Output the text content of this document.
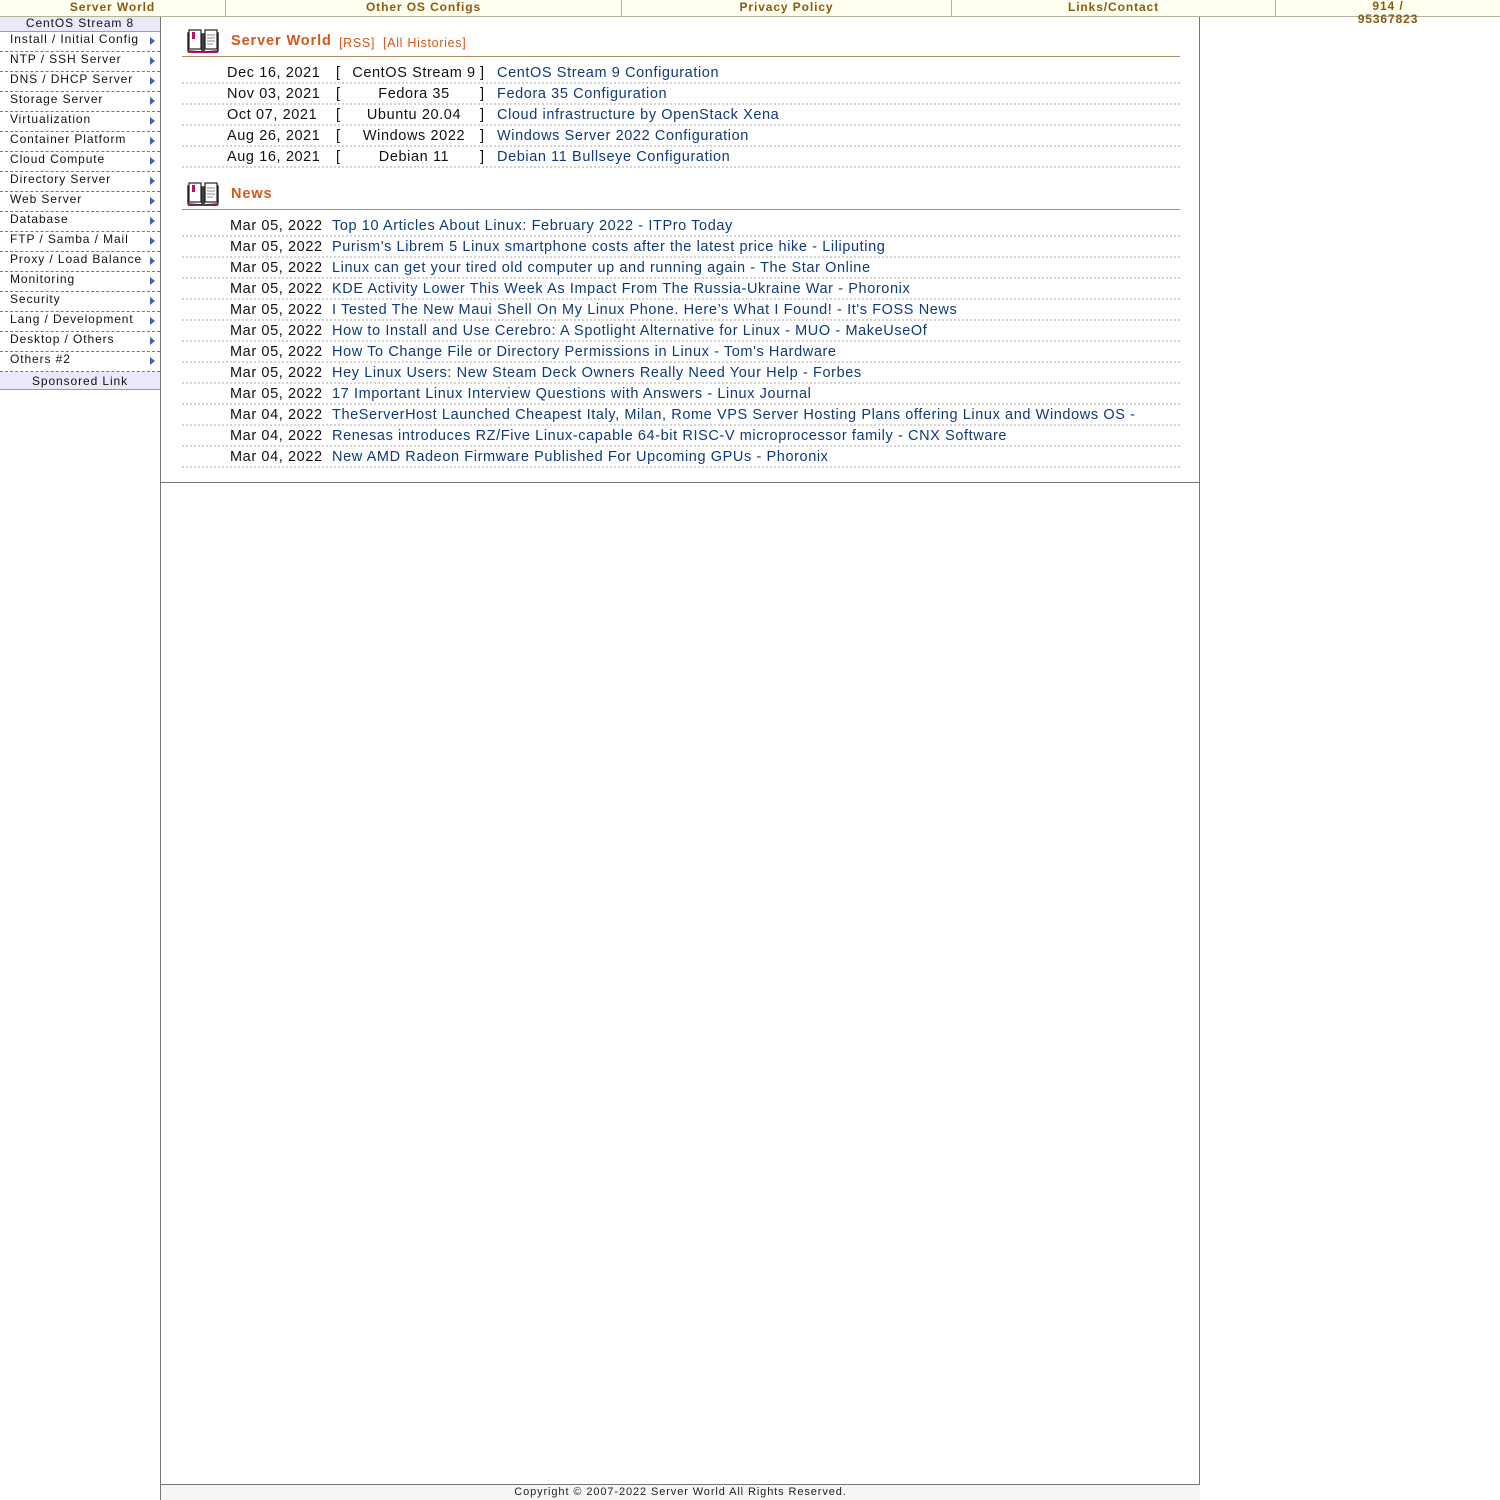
Server World	Other OS Configs	Privacy Policy	Links/Contact	914 /
95367823
CentOS Stream 8
Install / Initial Config
NTP / SSH Server
DNS / DHCP Server
Storage Server
Virtualization
Container Platform
Cloud Compute
Directory Server
Web Server
Database
FTP / Samba / Mail
Proxy / Load Balance
Monitoring
Security
Lang / Development
Desktop / Others
Others #2
Sponsored Link
Server World [RSS] [All Histories]
Dec 16, 2021 [ CentOS Stream 9 ] CentOS Stream 9 Configuration
Nov 03, 2021 [	Fedora 35	] Fedora 35 Configuration
Oct 07, 2021 [	Ubuntu 20.04	] Cloud infrastructure by OpenStack Xena
Aug 26, 2021 [	Windows 2022	] Windows Server 2022 Configuration
Aug 16, 2021 [	Debian 11	] Debian 11 Bullseye Configuration
News
Mar 05, 2022 Top 10 Articles About Linux: February 2022 - ITPro Today
Mar 05, 2022 Purism's Librem 5 Linux smartphone costs after the latest price hike - Liliputing
Mar 05, 2022 Linux can get your tired old computer up and running again - The Star Online
Mar 05, 2022 KDE Activity Lower This Week As Impact From The Russia-Ukraine War - Phoronix
Mar 05, 2022 I Tested The New Maui Shell On My Linux Phone. Here’s What I Found! - It's FOSS News
Mar 05, 2022 How to Install and Use Cerebro: A Spotlight Alternative for Linux - MUO - MakeUseOf
Mar 05, 2022 How To Change File or Directory Permissions in Linux - Tom's Hardware
Mar 05, 2022 Hey Linux Users: New Steam Deck Owners Really Need Your Help - Forbes
Mar 05, 2022 17 Important Linux Interview Questions with Answers - Linux Journal
Mar 04, 2022 TheServerHost Launched Cheapest Italy, Milan, Rome VPS Server Hosting Plans offering Linux and Windows OS -
Mar 04, 2022 Renesas introduces RZ/Five Linux-capable 64-bit RISC-V microprocessor family - CNX Software
Mar 04, 2022 New AMD Radeon Firmware Published For Upcoming GPUs - Phoronix
Copyright © 2007-2022 Server World All Rights Reserved.
